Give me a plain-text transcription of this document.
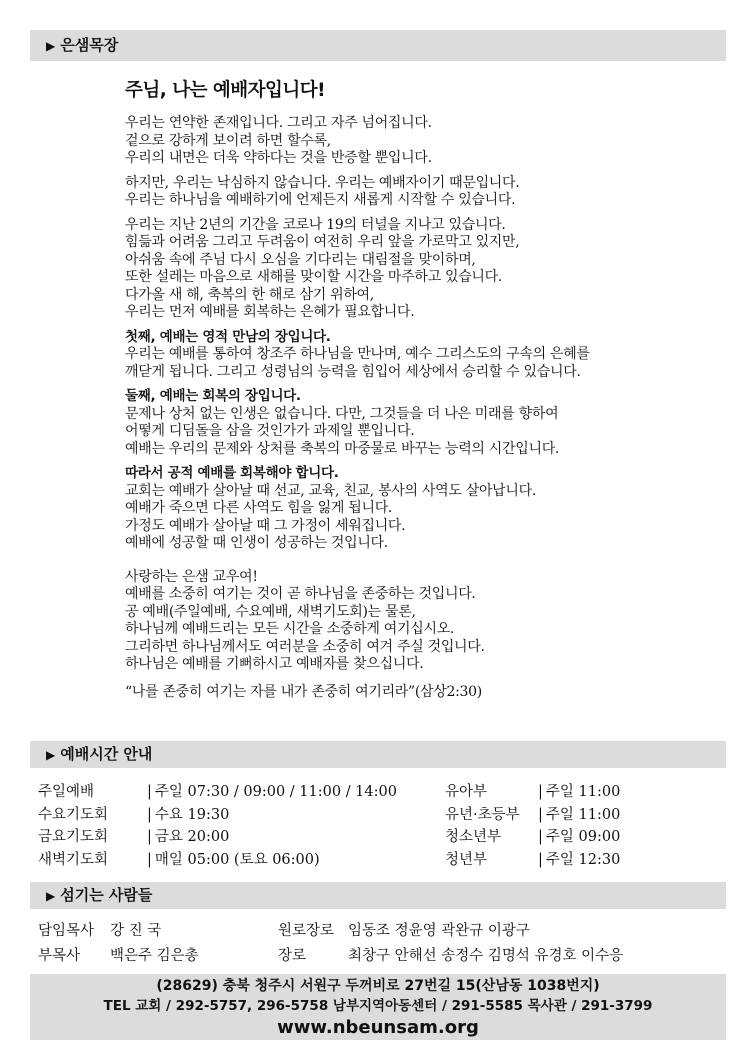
▶ 은샘목장
주님, 나는 예배자입니다!

우리는 연약한 존재입니다. 그리고 자주 넘어집니다.
겉으로 강하게 보이려 하면 할수록,
우리의 내면은 더욱 약하다는 것을 반증할 뿐입니다.

하지만, 우리는 낙심하지 않습니다. 우리는 예배자이기 때문입니다.
우리는 하나님을 예배하기에 언제든지 새롭게 시작할 수 있습니다.

우리는 지난 2년의 기간을 코로나 19의 터널을 지나고 있습니다.
힘듦과 어려움 그리고 두려움이 여전히 우리 앞을 가로막고 있지만,
아쉬움 속에 주님 다시 오심을 기다리는 대림절을 맞이하며,
또한 설레는 마음으로 새해를 맞이할 시간을 마주하고 있습니다.
다가올 새 해, 축복의 한 해로 삼기 위하여,
우리는 먼저 예배를 회복하는 은혜가 필요합니다.

첫째, 예배는 영적 만남의 장입니다.
우리는 예배를 통하여 창조주 하나님을 만나며, 예수 그리스도의 구속의 은혜를
깨닫게 됩니다. 그리고 성령님의 능력을 힘입어 세상에서 승리할 수 있습니다.

둘째, 예배는 회복의 장입니다.
문제나 상처 없는 인생은 없습니다. 다만, 그것들을 더 나은 미래를 향하여
어떻게 디딤돌을 삼을 것인가가 과제일 뿐입니다.
예배는 우리의 문제와 상처를 축복의 마중물로 바꾸는 능력의 시간입니다.

따라서 공적 예배를 회복해야 합니다.
교회는 예배가 살아날 때 선교, 교육, 친교, 봉사의 사역도 살아납니다.
예배가 죽으면 다른 사역도 힘을 잃게 됩니다.
가정도 예배가 살아날 때 그 가정이 세워집니다.
예배에 성공할 때 인생이 성공하는 것입니다.

사랑하는 은샘 교우여!
예배를 소중히 여기는 것이 곧 하나님을 존중하는 것입니다.
공 예배(주일예배, 수요예배, 새벽기도회)는 물론,
하나님께 예배드리는 모든 시간을 소중하게 여기십시오.
그리하면 하나님께서도 여러분을 소중히 여겨 주실 것입니다.
하나님은 예배를 기뻐하시고 예배자를 찾으십니다.

“나를 존중히 여기는 자를 내가 존중히 여기리라”(삼상2:30)

▶ 예배시간 안내
주일예배	| 주일 07:30 / 09:00 / 11:00 / 14:00	유아부	| 주일 11:00
수요기도회	| 수요 19:30	유년·초등부 | 주일 11:00
금요기도회	| 금요 20:00	청소년부	| 주일 09:00
새벽기도회	| 매일 05:00 (토요 06:00)	청년부	| 주일 12:30
▶ 섬기는 사람들
담임목사 강 진 국	원로장로 임동조 정윤영 곽완규 이광구
부목사 백은주 김은총	장로	최창구 안해선 송정수 김명석 유경호 이수응
(28629) 충북 청주시 서원구 두꺼비로 27번길 15(산남동 1038번지)
TEL 교회 / 292-5757, 296-5758 남부지역아동센터 / 291-5585 목사관 / 291-3799
www.nbeunsam.org
